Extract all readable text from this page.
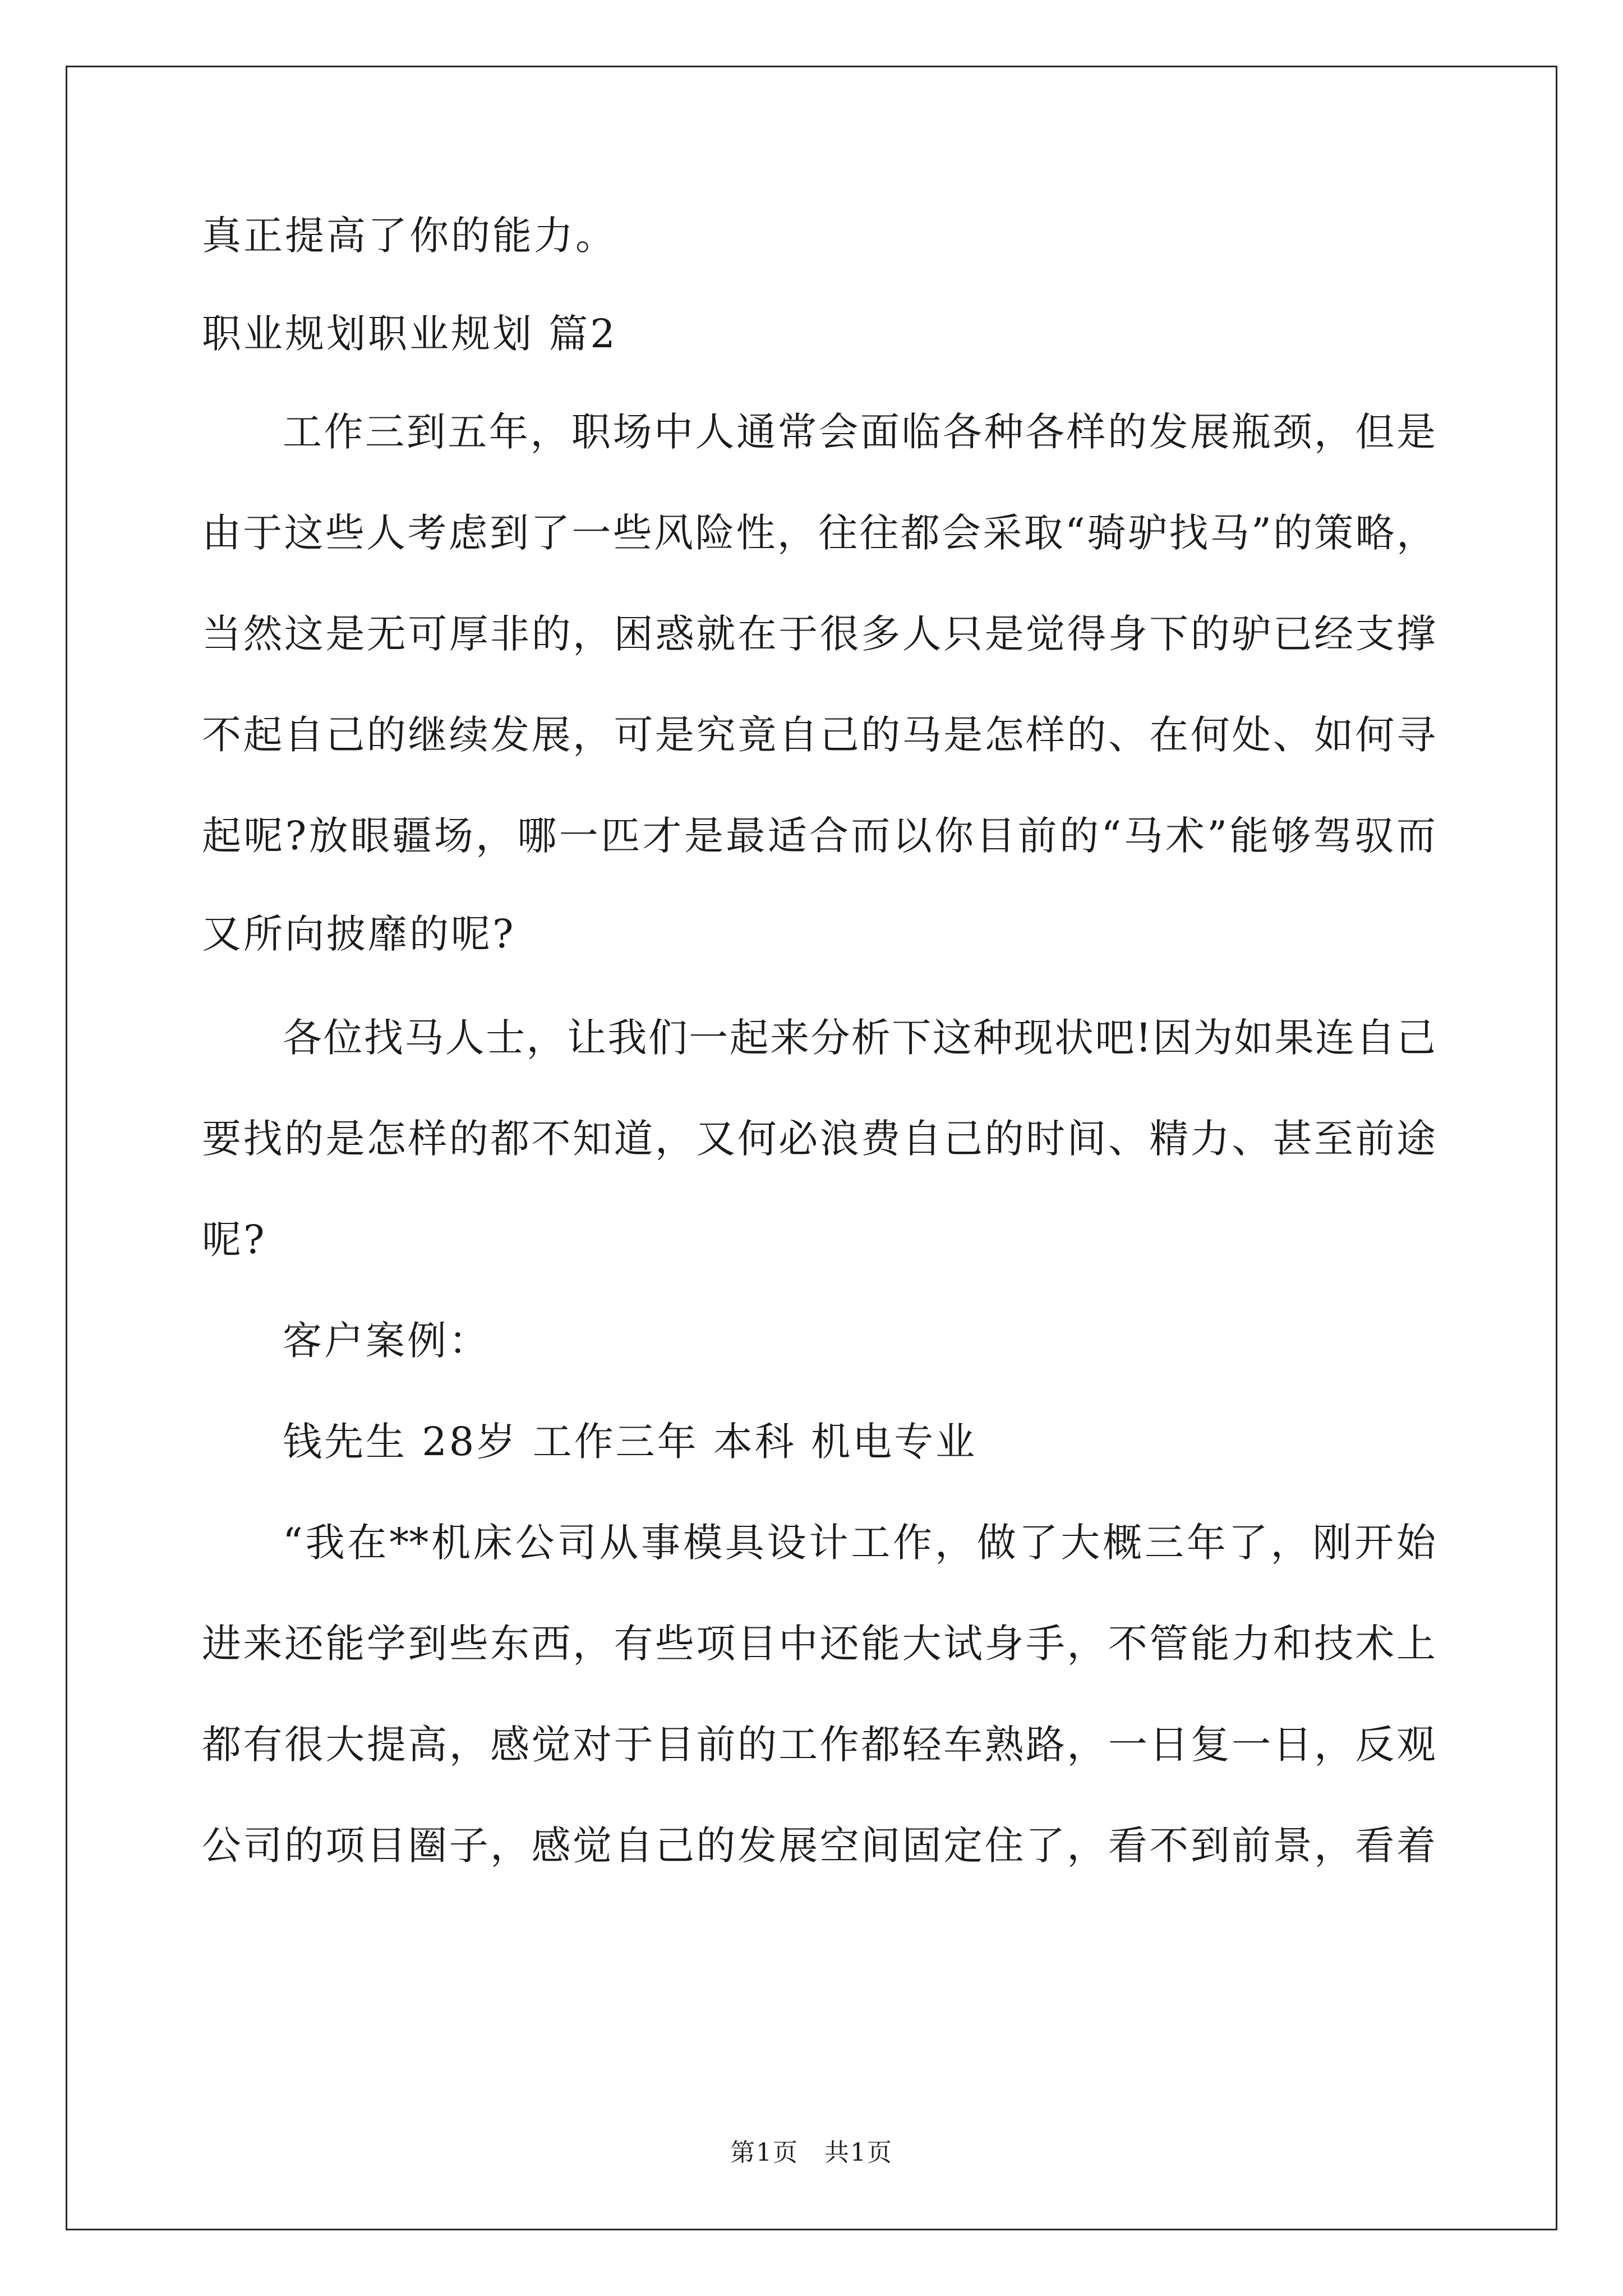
真正提高了你的能力。
职业规划职业规划 篇2
工作三到五年，职场中人通常会面临各种各样的发展瓶颈，但是
由于这些人考虑到了一些风险性，往往都会采取“骑驴找马”的策略，
当然这是无可厚非的，困惑就在于很多人只是觉得身下的驴已经支撑
不起自己的继续发展，可是究竟自己的马是怎样的、在何处、如何寻
起呢?放眼疆场，哪一匹才是最适合而以你目前的“马术”能够驾驭而
又所向披靡的呢?
各位找马人士，让我们一起来分析下这种现状吧!因为如果连自己
要找的是怎样的都不知道，又何必浪费自己的时间、精力、甚至前途
呢?
客户案例：
钱先生 28岁 工作三年 本科 机电专业
“我在**机床公司从事模具设计工作，做了大概三年了，刚开始
进来还能学到些东西，有些项目中还能大试身手，不管能力和技术上
都有很大提高，感觉对于目前的工作都轻车熟路，一日复一日，反观
公司的项目圈子，感觉自己的发展空间固定住了，看不到前景，看着
第1页　共1页
